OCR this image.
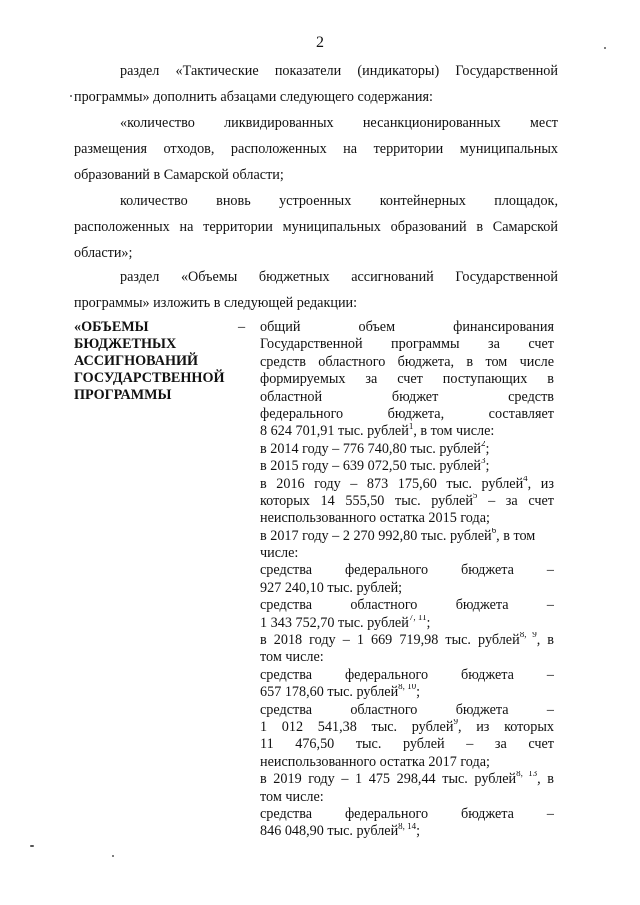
2
раздел «Тактические показатели (индикаторы) Государственной
программы» дополнить абзацами следующего содержания:
«количество ликвидированных несанкционированных мест
размещения отходов, расположенных на территории муниципальных
образований в Самарской области;
количество вновь устроенных контейнерных площадок,
расположенных на территории муниципальных образований в Самарской
области»;
раздел «Объемы бюджетных ассигнований Государственной
программы» изложить в следующей редакции:
«ОБЪЕМЫ
БЮДЖЕТНЫХ
АССИГНОВАНИЙ
ГОСУДАРСТВЕННОЙ
ПРОГРАММЫ
– общий объем финансирования
Государственной программы за счет
средств областного бюджета, в том числе
формируемых за счет поступающих в
областной бюджет средств
федерального бюджета, составляет
8 624 701,91 тыс. рублей$^1$, в том числе:
в 2014 году – 776 740,80 тыс. рублей$^2$;
в 2015 году – 639 072,50 тыс. рублей$^3$;
в 2016 году – 873 175,60 тыс. рублей$^4$, из
которых 14 555,50 тыс. рублей$^5$ – за счет
неиспользованного остатка 2015 года;
в 2017 году – 2 270 992,80 тыс. рублей$^6$, в том
числе:
средства федерального бюджета –
927 240,10 тыс. рублей;
средства областного бюджета –
1 343 752,70 тыс. рублей$^{7, 11}$;
в 2018 году – 1 669 719,98 тыс. рублей$^{8, 9}$, в
том числе:
средства федерального бюджета –
657 178,60 тыс. рублей$^{8, 10}$;
средства областного бюджета –
1 012 541,38 тыс. рублей$^9$, из которых
11 476,50 тыс. рублей – за счет
неиспользованного остатка 2017 года;
в 2019 году – 1 475 298,44 тыс. рублей$^{8, 13}$, в
том числе:
средства федерального бюджета –
846 048,90 тыс. рублей$^{8, 14}$;
